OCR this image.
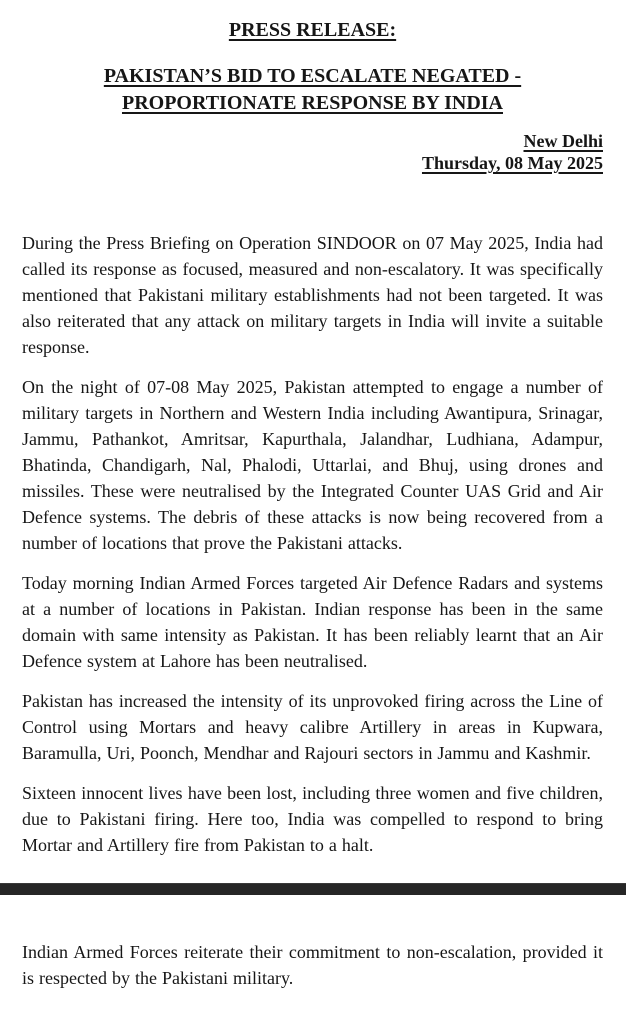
PRESS RELEASE:
PAKISTAN’S BID TO ESCALATE NEGATED -
PROPORTIONATE RESPONSE BY INDIA
New Delhi
Thursday, 08 May 2025

During the Press Briefing on Operation SINDOOR on 07 May 2025, India had called its response as focused, measured and non-escalatory. It was specifically mentioned that Pakistani military establishments had not been targeted. It was also reiterated that any attack on military targets in India will invite a suitable response.

On the night of 07-08 May 2025, Pakistan attempted to engage a number of military targets in Northern and Western India including Awantipura, Srinagar, Jammu, Pathankot, Amritsar, Kapurthala, Jalandhar, Ludhiana, Adampur, Bhatinda, Chandigarh, Nal, Phalodi, Uttarlai, and Bhuj, using drones and missiles. These were neutralised by the Integrated Counter UAS Grid and Air Defence systems. The debris of these attacks is now being recovered from a number of locations that prove the Pakistani attacks.

Today morning Indian Armed Forces targeted Air Defence Radars and systems at a number of locations in Pakistan. Indian response has been in the same domain with same intensity as Pakistan. It has been reliably learnt that an Air Defence system at Lahore has been neutralised.

Pakistan has increased the intensity of its unprovoked firing across the Line of Control using Mortars and heavy calibre Artillery in areas in Kupwara, Baramulla, Uri, Poonch, Mendhar and Rajouri sectors in Jammu and Kashmir.

Sixteen innocent lives have been lost, including three women and five children, due to Pakistani firing. Here too, India was compelled to respond to bring Mortar and Artillery fire from Pakistan to a halt.

Indian Armed Forces reiterate their commitment to non-escalation, provided it is respected by the Pakistani military.
